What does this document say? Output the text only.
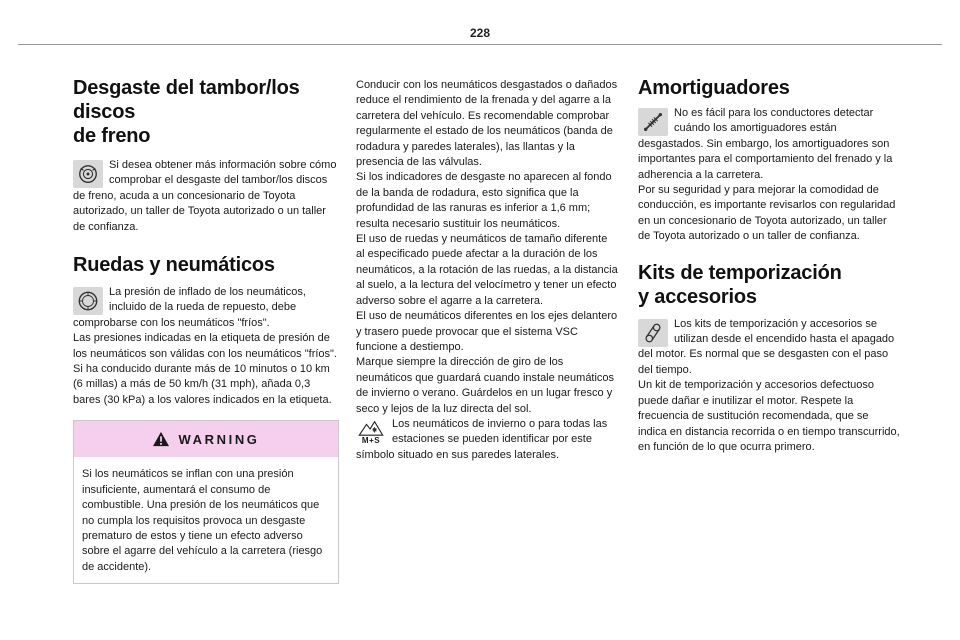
228
Desgaste del tambor/los discos
de freno

Si desea obtener más información sobre cómo comprobar el desgaste del tambor/los discos de freno, acuda a un concesionario de Toyota autorizado, un taller de Toyota autorizado o un taller de confianza.

Ruedas y neumáticos

La presión de inflado de los neumáticos, incluido de la rueda de repuesto, debe comprobarse con los neumáticos "fríos".

Las presiones indicadas en la etiqueta de presión de los neumáticos son válidas con los neumáticos "fríos".

Si ha conducido durante más de 10 minutos o 10 km (6 millas) a más de 50 km/h (31 mph), añada 0,3 bares (30 kPa) a los valores indicados en la etiqueta.

WARNING

Si los neumáticos se inflan con una presión insuficiente, aumentará el consumo de combustible. Una presión de los neumáticos que no cumpla los requisitos provoca un desgaste prematuro de estos y tiene un efecto adverso sobre el agarre del vehículo a la carretera (riesgo de accidente).

Conducir con los neumáticos desgastados o dañados reduce el rendimiento de la frenada y del agarre a la carretera del vehículo. Es recomendable comprobar regularmente el estado de los neumáticos (banda de rodadura y paredes laterales), las llantas y la presencia de las válvulas.

Si los indicadores de desgaste no aparecen al fondo de la banda de rodadura, esto significa que la profundidad de las ranuras es inferior a 1,6 mm; resulta necesario sustituir los neumáticos.

El uso de ruedas y neumáticos de tamaño diferente al especificado puede afectar a la duración de los neumáticos, a la rotación de las ruedas, a la distancia al suelo, a la lectura del velocímetro y tener un efecto adverso sobre el agarre a la carretera.

El uso de neumáticos diferentes en los ejes delantero y trasero puede provocar que el sistema VSC funcione a destiempo.

Marque siempre la dirección de giro de los neumáticos que guardará cuando instale neumáticos de invierno o verano. Guárdelos en un lugar fresco y seco y lejos de la luz directa del sol.

M+S

Los neumáticos de invierno o para todas las estaciones se pueden identificar por este símbolo situado en sus paredes laterales.

Amortiguadores

No es fácil para los conductores detectar cuándo los amortiguadores están desgastados. Sin embargo, los amortiguadores son importantes para el comportamiento del frenado y la adherencia a la carretera.

Por su seguridad y para mejorar la comodidad de conducción, es importante revisarlos con regularidad en un concesionario de Toyota autorizado, un taller de Toyota autorizado o un taller de confianza.

Kits de temporización
y accesorios

Los kits de temporización y accesorios se utilizan desde el encendido hasta el apagado del motor. Es normal que se desgasten con el paso del tiempo.

Un kit de temporización y accesorios defectuoso puede dañar e inutilizar el motor. Respete la frecuencia de sustitución recomendada, que se indica en distancia recorrida o en tiempo transcurrido, en función de lo que ocurra primero.
